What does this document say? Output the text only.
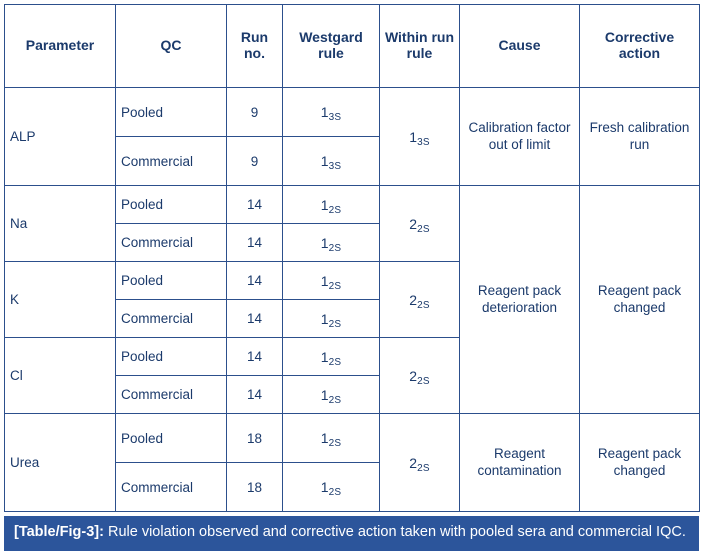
Parameter	QC	Run no.	Westgard rule	Within run rule	Cause	Corrective action
ALP	Pooled	9	$1_{3S}$	$1_{3S}$	Calibration factor out of limit	Fresh calibration run
	Commercial	9	$1_{3S}$
Na	Pooled	14	$1_{2S}$	$2_{2S}$	Reagent pack deterioration	Reagent pack changed
	Commercial	14	$1_{2S}$
K	Pooled	14	$1_{2S}$	$2_{2S}$
	Commercial	14	$1_{2S}$
Cl	Pooled	14	$1_{2S}$	$2_{2S}$
	Commercial	14	$1_{2S}$
Urea	Pooled	18	$1_{2S}$	$2_{2S}$	Reagent contamination	Reagent pack changed
	Commercial	18	$1_{2S}$
[Table/Fig-3]: Rule violation observed and corrective action taken with pooled sera and commercial IQC.
